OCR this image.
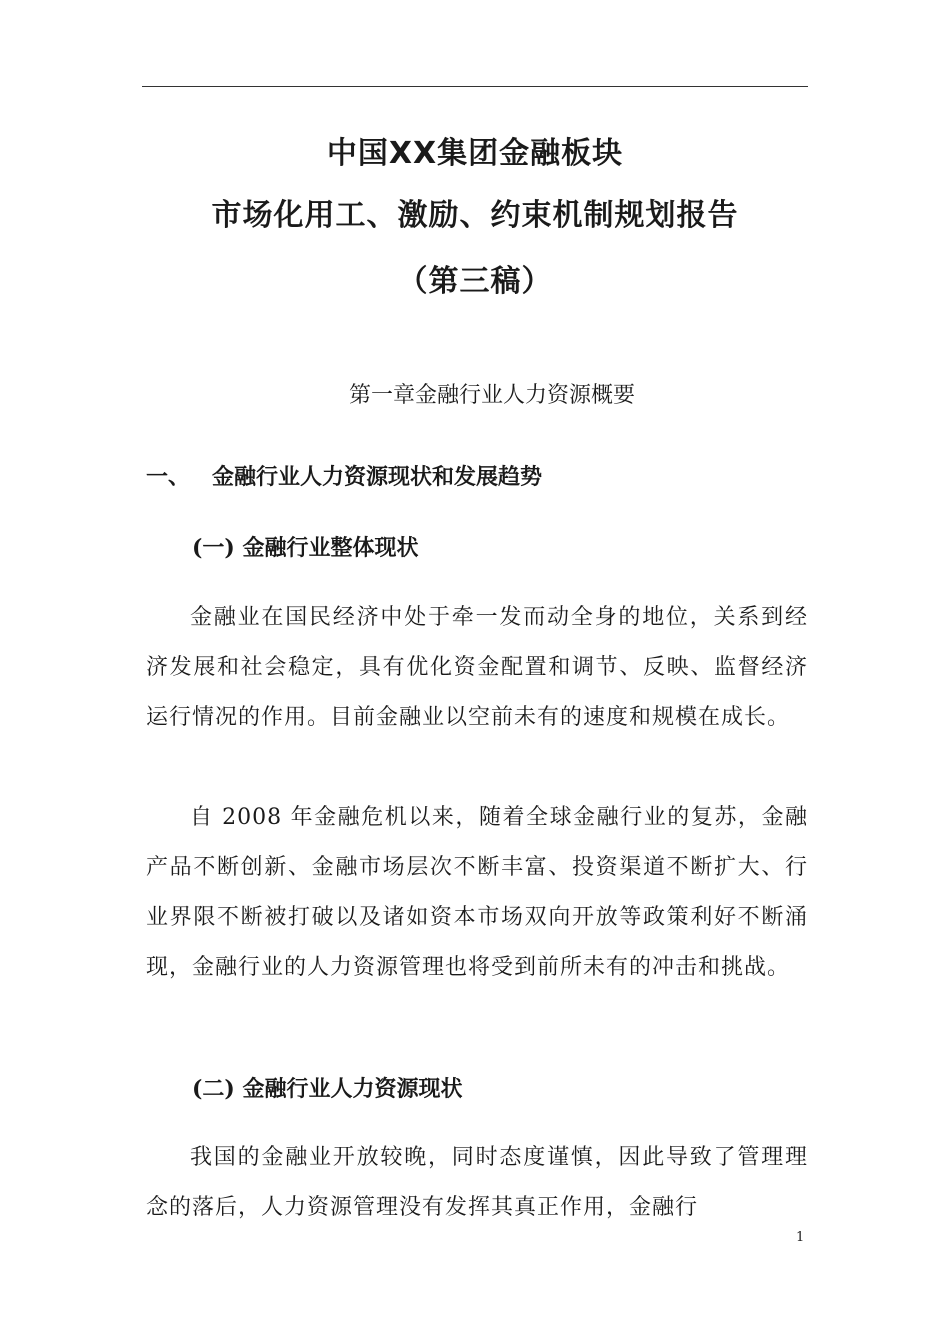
中国XX集团金融板块
市场化用工、激励、约束机制规划报告
（第三稿）
第一章金融行业人力资源概要
一、 金融行业人力资源现状和发展趋势
(一) 金融行业整体现状

金融业在国民经济中处于牵一发而动全身的地位，关系到经济发展和社会稳定，具有优化资金配置和调节、反映、监督经济运行情况的作用。目前金融业以空前未有的速度和规模在成长。

自 2008 年金融危机以来，随着全球金融行业的复苏，金融产品不断创新、金融市场层次不断丰富、投资渠道不断扩大、行业界限不断被打破以及诸如资本市场双向开放等政策利好不断涌现，金融行业的人力资源管理也将受到前所未有的冲击和挑战。

(二) 金融行业人力资源现状

我国的金融业开放较晚，同时态度谨慎，因此导致了管理理念的落后，人力资源管理没有发挥其真正作用，金融行

1
